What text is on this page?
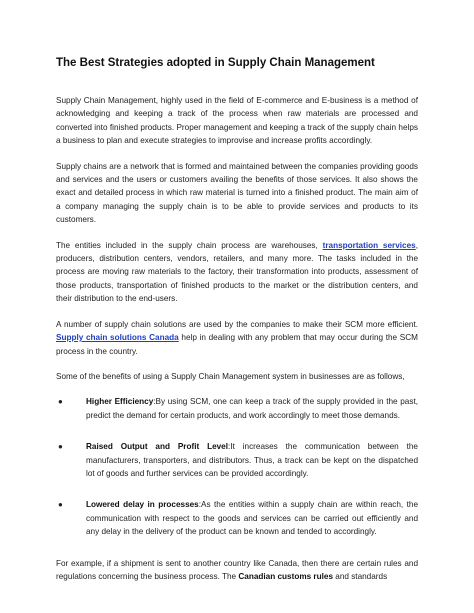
The Best Strategies adopted in Supply Chain Management

Supply Chain Management, highly used in the field of E-commerce and E-business is a method of acknowledging and keeping a track of the process when raw materials are processed and converted into finished products. Proper management and keeping a track of the supply chain helps a business to plan and execute strategies to improvise and increase profits accordingly.

Supply chains are a network that is formed and maintained between the companies providing goods and services and the users or customers availing the benefits of those services. It also shows the exact and detailed process in which raw material is turned into a finished product. The main aim of a company managing the supply chain is to be able to provide services and products to its customers.

The entities included in the supply chain process are warehouses, transportation services, producers, distribution centers, vendors, retailers, and many more. The tasks included in the process are moving raw materials to the factory, their transformation into products, assessment of those products, transportation of finished products to the market or the distribution centers, and their distribution to the end-users.

A number of supply chain solutions are used by the companies to make their SCM more efficient. Supply chain solutions Canada help in dealing with any problem that may occur during the SCM process in the country.

Some of the benefits of using a Supply Chain Management system in businesses are as follows,

●	Higher Efficiency:By using SCM, one can keep a track of the supply provided in the past, predict the demand for certain products, and work accordingly to meet those demands.
●	Raised Output and Profit Level:It increases the communication between the manufacturers, transporters, and distributors. Thus, a track can be kept on the dispatched lot of goods and further services can be provided accordingly.
●	Lowered delay in processes:As the entities within a supply chain are within reach, the communication with respect to the goods and services can be carried out efficiently and any delay in the delivery of the product can be known and tended to accordingly.

For example, if a shipment is sent to another country like Canada, then there are certain rules and regulations concerning the business process. The Canadian customs rules and standards
